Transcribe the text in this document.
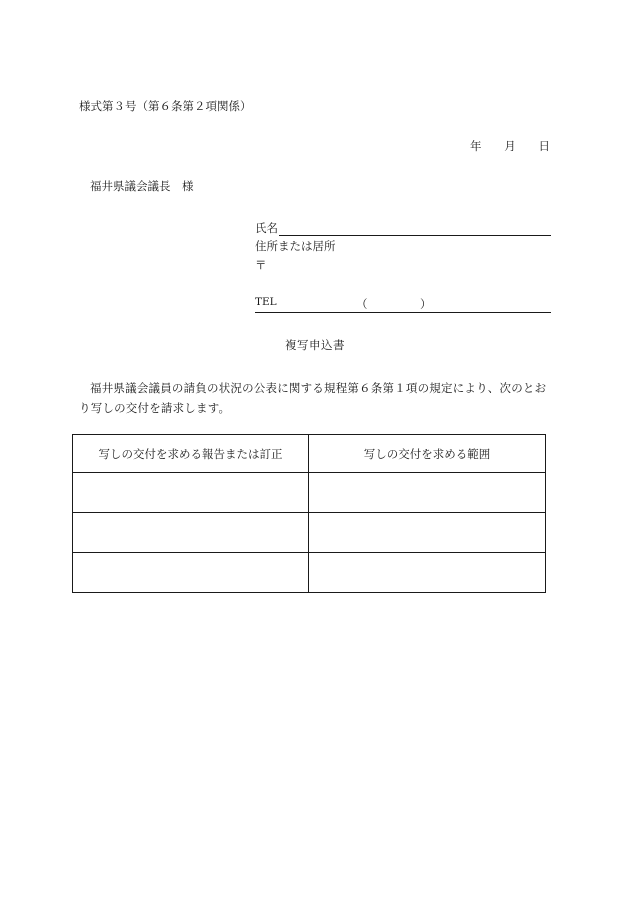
様式第３号（第６条第２項関係）
年 月 日
福井県議会議長　様
氏名
住所または居所
〒
TEL	（	）
複写申込書
福井県議会議員の請負の状況の公表に関する規程第６条第１項の規定により、次のとおり写しの交付を請求します。
写しの交付を求める報告または訂正	写しの交付を求める範囲
